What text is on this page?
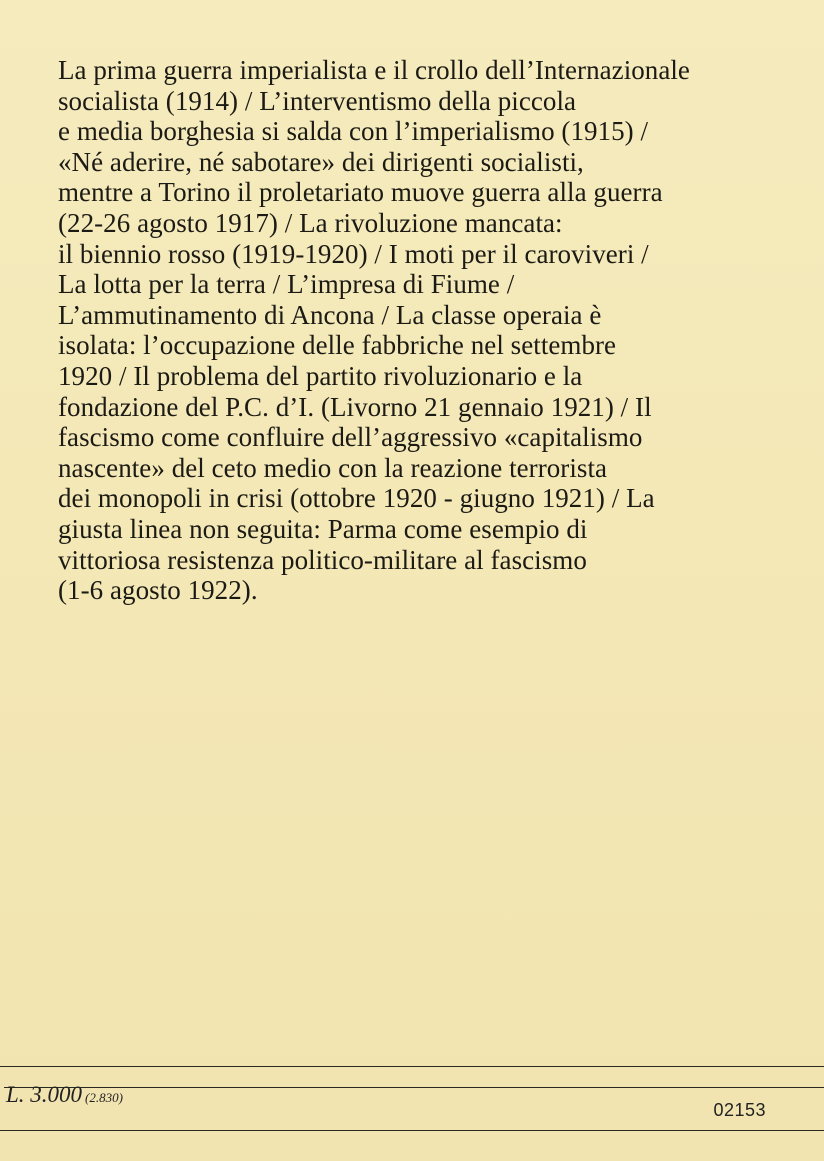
La prima guerra imperialista e il crollo dell’Internazionale
socialista (1914) / L’interventismo della piccola
e media borghesia si salda con l’imperialismo (1915) /
«Né aderire, né sabotare» dei dirigenti socialisti,
mentre a Torino il proletariato muove guerra alla guerra
(22-26 agosto 1917) / La rivoluzione mancata:
il biennio rosso (1919-1920) / I moti per il caroviveri /
La lotta per la terra / L’impresa di Fiume /
L’ammutinamento di Ancona / La classe operaia è
isolata: l’occupazione delle fabbriche nel settembre
1920 / Il problema del partito rivoluzionario e la
fondazione del P.C. d’I. (Livorno 21 gennaio 1921) / Il
fascismo come confluire dell’aggressivo «capitalismo
nascente» del ceto medio con la reazione terrorista
dei monopoli in crisi (ottobre 1920 - giugno 1921) / La
giusta linea non seguita: Parma come esempio di
vittoriosa resistenza politico-militare al fascismo
(1-6 agosto 1922).
L. 3.000 (2.830)
02153
